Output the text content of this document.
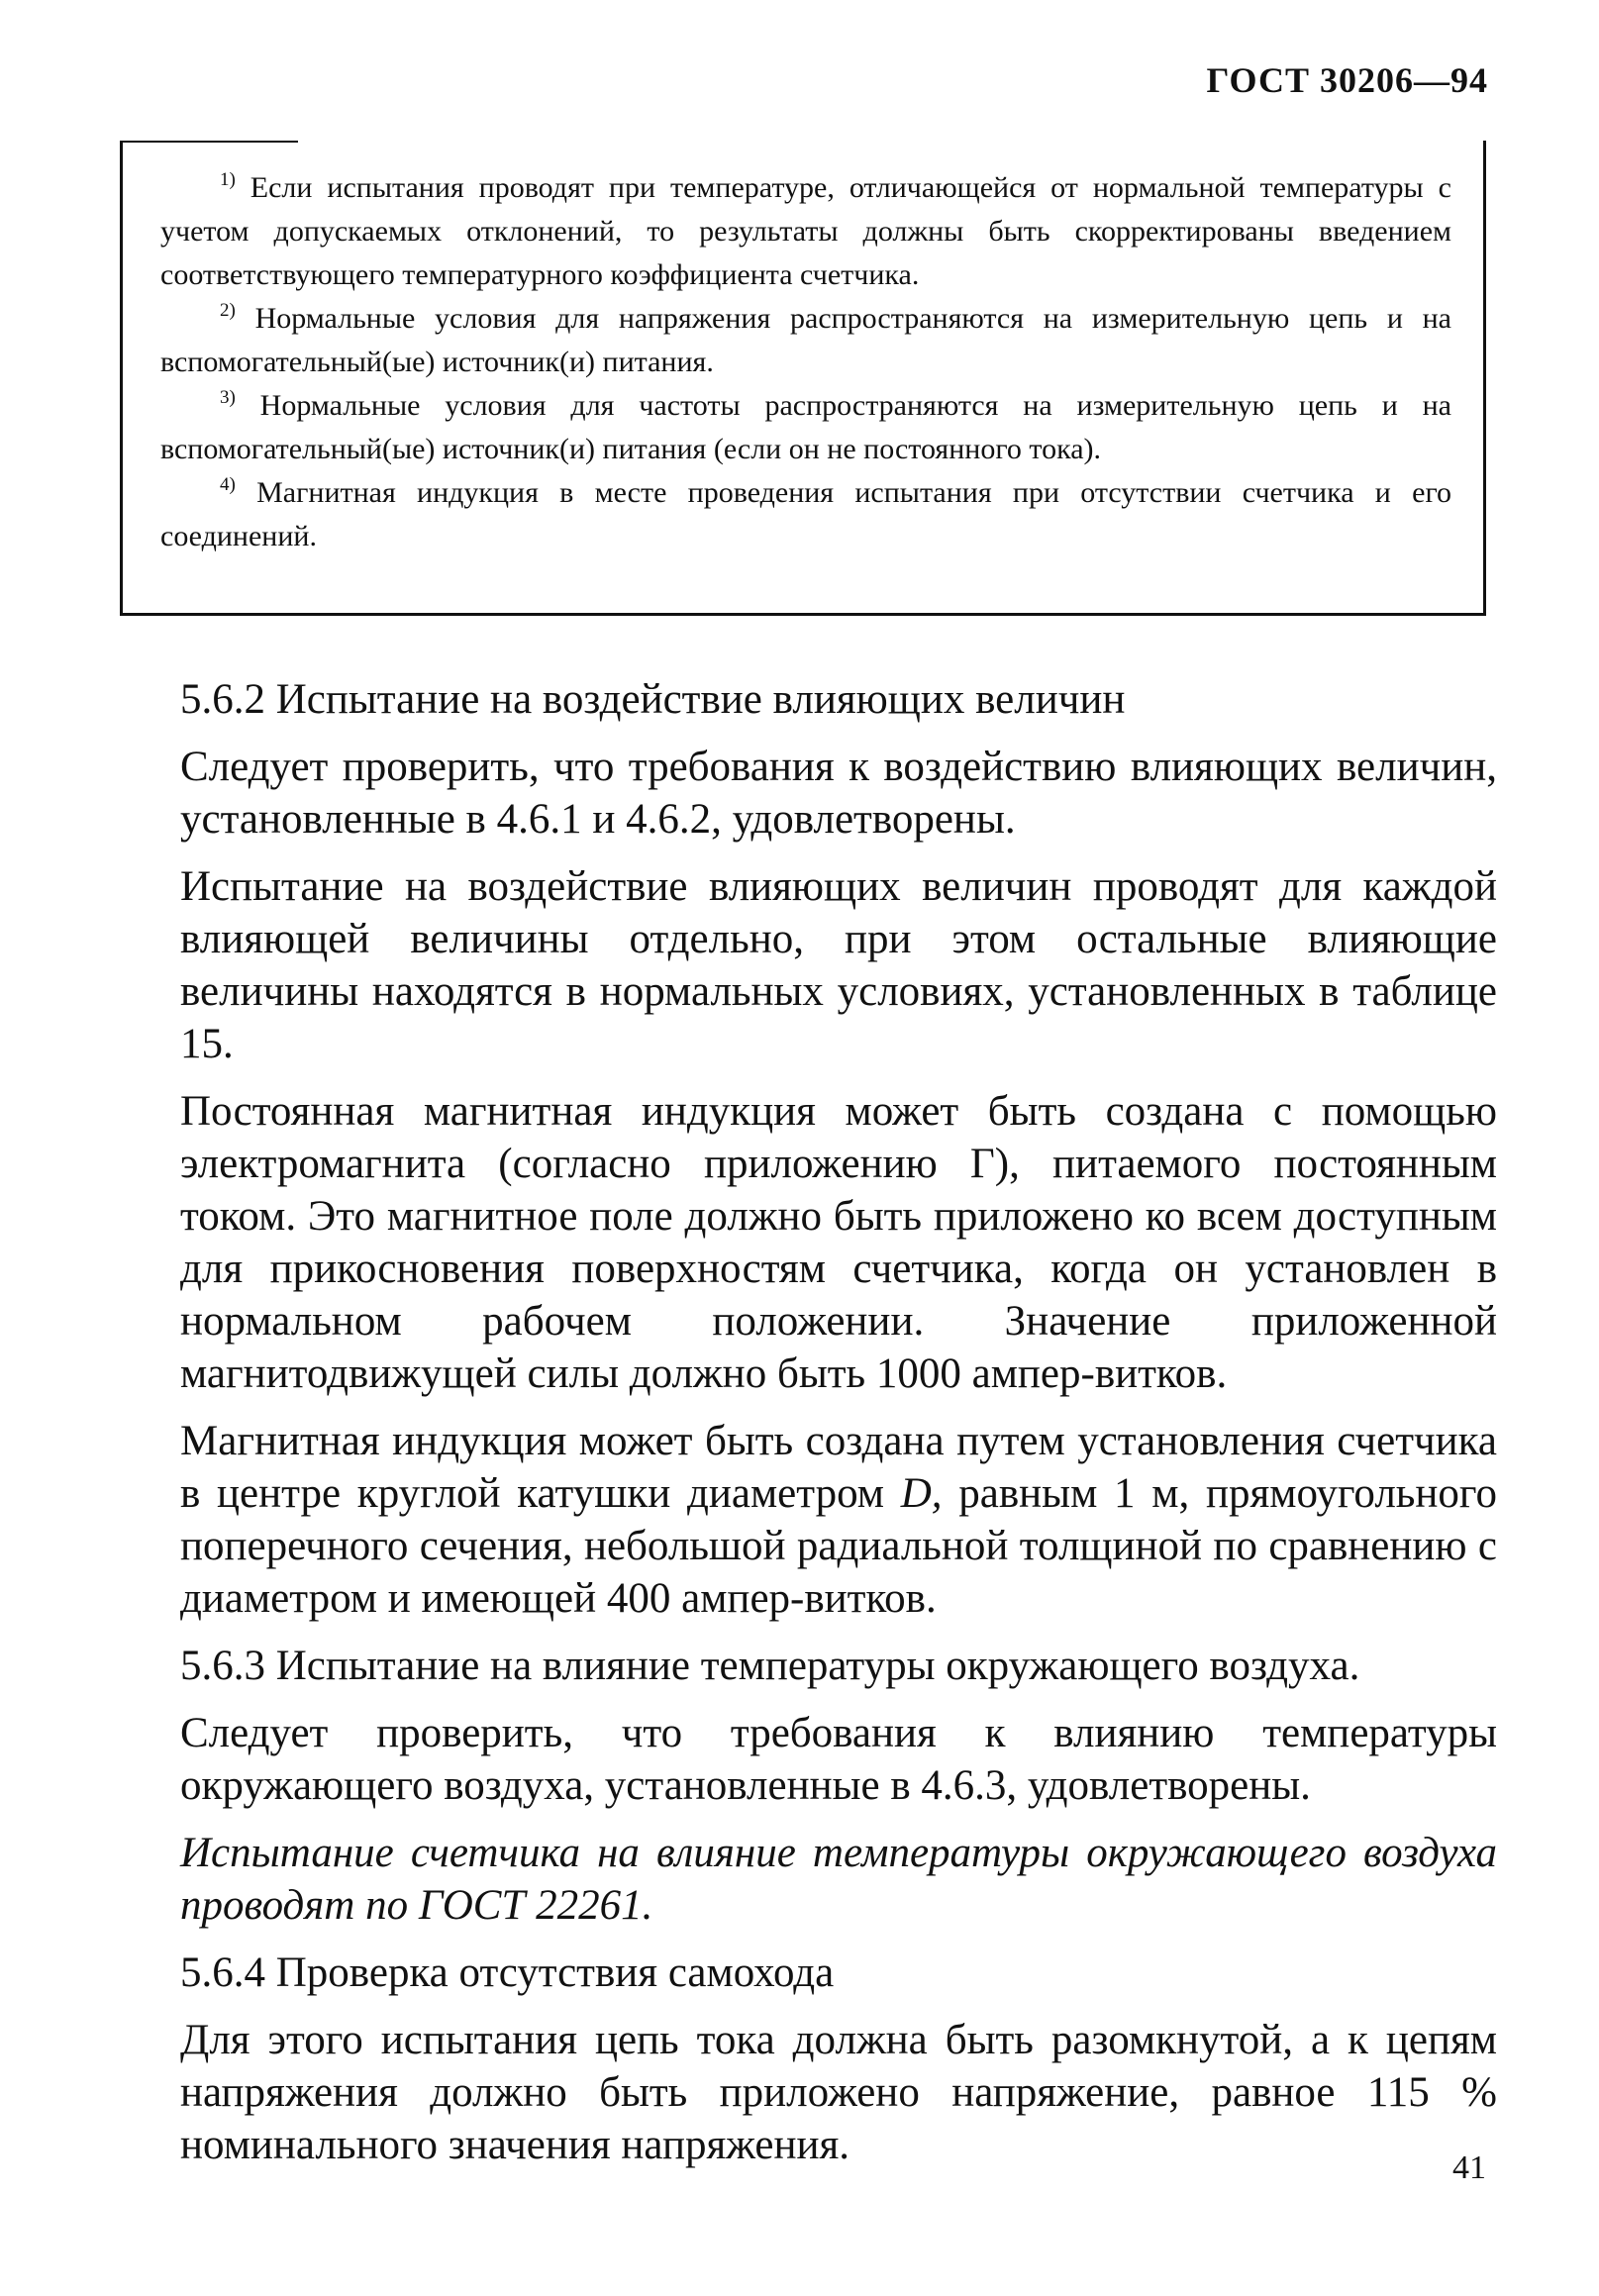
ГОСТ 30206—94

$^{1)}$ Если испытания проводят при температуре, отличающейся от нормальной температуры с учетом допускаемых отклонений, то результаты должны быть скорректированы введением соответствующего температурного коэффициента счетчика.

$^{2)}$ Нормальные условия для напряжения распространяются на измерительную цепь и на вспомогательный(ые) источник(и) питания.

$^{3)}$ Нормальные условия для частоты распространяются на измерительную цепь и на вспомогательный(ые) источник(и) питания (если он не постоянного тока).

$^{4)}$ Магнитная индукция в месте проведения испытания при отсутствии счетчика и его соединений.

5.6.2 Испытание на воздействие влияющих величин

Следует проверить, что требования к воздействию влияющих величин, установленные в 4.6.1 и 4.6.2, удовлетворены.

Испытание на воздействие влияющих величин проводят для каждой влияющей величины отдельно, при этом остальные влияющие величины находятся в нормальных условиях, установленных в таблице 15.

Постоянная магнитная индукция может быть создана с помощью электромагнита (согласно приложению Г), питаемого постоянным током. Это магнитное поле должно быть приложено ко всем доступным для прикосновения поверхностям счетчика, когда он установлен в нормальном рабочем положении. Значение приложенной магнитодвижущей силы должно быть 1000 ампер-витков.

Магнитная индукция может быть создана путем установления счетчика в центре круглой катушки диаметром D, равным 1 м, прямоугольного поперечного сечения, небольшой радиальной толщиной по сравнению с диаметром и имеющей 400 ампер-витков.

5.6.3 Испытание на влияние температуры окружающего воздуха.

Следует проверить, что требования к влиянию температуры окружающего воздуха, установленные в 4.6.3, удовлетворены.

Испытание счетчика на влияние температуры окружающего воздуха проводят по ГОСТ 22261.

5.6.4 Проверка отсутствия самохода

Для этого испытания цепь тока должна быть разомкнутой, а к цепям напряжения должно быть приложено напряжение, равное 115 % номинального значения напряжения.	41
